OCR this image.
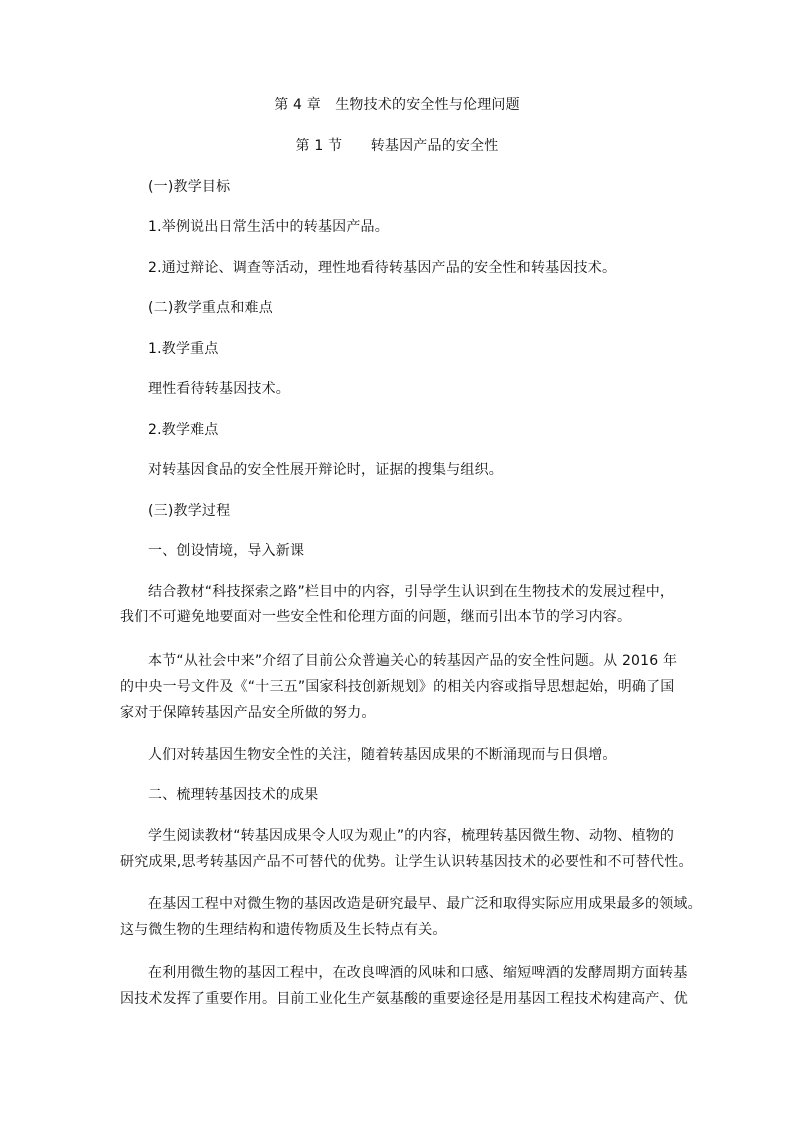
第 4 章　生物技术的安全性与伦理问题
第 1 节　　转基因产品的安全性
(一)教学目标
1.举例说出日常生活中的转基因产品。
2.通过辩论、调查等活动，理性地看待转基因产品的安全性和转基因技术。
(二)教学重点和难点
1.教学重点
理性看待转基因技术。
2.教学难点
对转基因食品的安全性展开辩论时，证据的搜集与组织。
(三)教学过程
一、创设情境，导入新课
结合教材“科技探索之路”栏目中的内容，引导学生认识到在生物技术的发展过程中，
我们不可避免地要面对一些安全性和伦理方面的问题，继而引出本节的学习内容。
本节“从社会中来”介绍了目前公众普遍关心的转基因产品的安全性问题。从 2016 年
的中央一号文件及《“十三五”国家科技创新规划》的相关内容或指导思想起始，明确了国
家对于保障转基因产品安全所做的努力。
人们对转基因生物安全性的关注，随着转基因成果的不断涌现而与日俱增。
二、梳理转基因技术的成果
学生阅读教材“转基因成果令人叹为观止”的内容，梳理转基因微生物、动物、植物的
研究成果,思考转基因产品不可替代的优势。让学生认识转基因技术的必要性和不可替代性。
在基因工程中对微生物的基因改造是研究最早、最广泛和取得实际应用成果最多的领域。
这与微生物的生理结构和遗传物质及生长特点有关。
在利用微生物的基因工程中，在改良啤酒的风味和口感、缩短啤酒的发酵周期方面转基
因技术发挥了重要作用。目前工业化生产氨基酸的重要途径是用基因工程技术构建高产、优
